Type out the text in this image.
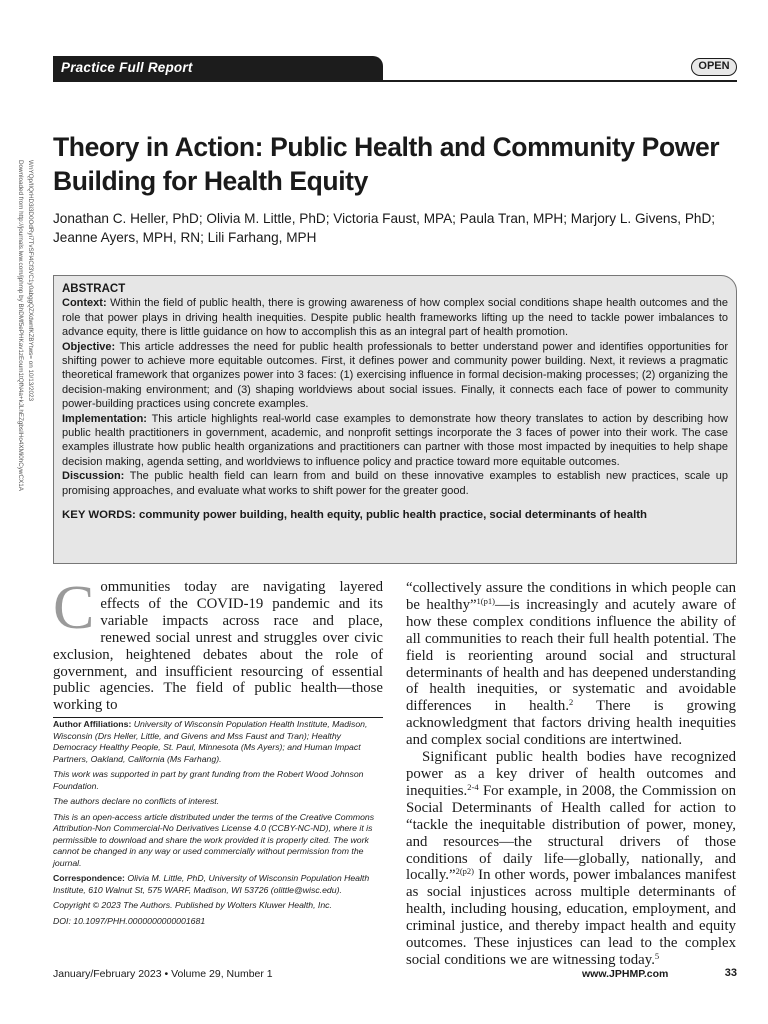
Practice Full Report	OPEN
Downloaded from http://journals.lww.com/jphmp by BhDMf5ePHKav1zEoum1tQfN4a+kJLhEZgbsIHo4XMi0hCywCX1A WnYQp/IlQrHD3i3D0OdRyi7TvSFl4Cf3VC1y0abggQZXdwnfKZBYtws= on 10/13/2023
Theory in Action: Public Health and Community Power Building for Health Equity
Jonathan C. Heller, PhD; Olivia M. Little, PhD; Victoria Faust, MPA; Paula Tran, MPH; Marjory L. Givens, PhD; Jeanne Ayers, MPH, RN; Lili Farhang, MPH
ABSTRACT
Context: Within the field of public health, there is growing awareness of how complex social conditions shape health outcomes and the role that power plays in driving health inequities. Despite public health frameworks lifting up the need to tackle power imbalances to advance equity, there is little guidance on how to accomplish this as an integral part of health promotion.
Objective: This article addresses the need for public health professionals to better understand power and identifies opportunities for shifting power to achieve more equitable outcomes. First, it defines power and community power building. Next, it reviews a pragmatic theoretical framework that organizes power into 3 faces: (1) exercising influence in formal decision-making processes; (2) organizing the decision-making environment; and (3) shaping worldviews about social issues. Finally, it connects each face of power to community power-building practices using concrete examples.
Implementation: This article highlights real-world case examples to demonstrate how theory translates to action by describing how public health practitioners in government, academic, and nonprofit settings incorporate the 3 faces of power into their work. The case examples illustrate how public health organizations and practitioners can partner with those most impacted by inequities to help shape decision making, agenda setting, and worldviews to influence policy and practice toward more equitable outcomes.
Discussion: The public health field can learn from and build on these innovative examples to establish new practices, scale up promising approaches, and evaluate what works to shift power for the greater good.
KEY WORDS: community power building, health equity, public health practice, social determinants of health

Communities today are navigating layered effects of the COVID-19 pandemic and its variable impacts across race and place, renewed social unrest and struggles over civic exclusion, heightened debates about the role of government, and insufficient resourcing of essential public agencies. The field of public health—those working to

Author Affiliations: University of Wisconsin Population Health Institute, Madison, Wisconsin (Drs Heller, Little, and Givens and Mss Faust and Tran); Healthy Democracy Healthy People, St. Paul, Minnesota (Ms Ayers); and Human Impact Partners, Oakland, California (Ms Farhang).

This work was supported in part by grant funding from the Robert Wood Johnson Foundation.

The authors declare no conflicts of interest.

This is an open-access article distributed under the terms of the Creative Commons Attribution-Non Commercial-No Derivatives License 4.0 (CCBY-NC-ND), where it is permissible to download and share the work provided it is properly cited. The work cannot be changed in any way or used commercially without permission from the journal.

Correspondence: Olivia M. Little, PhD, University of Wisconsin Population Health Institute, 610 Walnut St, 575 WARF, Madison, WI 53726 (olittle@wisc.edu).

Copyright © 2023 The Authors. Published by Wolters Kluwer Health, Inc.

DOI: 10.1097/PHH.0000000000001681

“collectively assure the conditions in which people can be healthy”$^{1(p1)}$—is increasingly and acutely aware of how these complex conditions influence the ability of all communities to reach their full health potential. The field is reorienting around social and structural determinants of health and has deepened understanding of health inequities, or systematic and avoidable differences in health.$^2$ There is growing acknowledgment that factors driving health inequities and complex social conditions are intertwined.

Significant public health bodies have recognized power as a key driver of health outcomes and inequities.$^{2-4}$ For example, in 2008, the Commission on Social Determinants of Health called for action to “tackle the inequitable distribution of power, money, and resources—the structural drivers of those conditions of daily life—globally, nationally, and locally.”$^{2(p2)}$ In other words, power imbalances manifest as social injustices across multiple determinants of health, including housing, education, employment, and criminal justice, and thereby impact health and equity outcomes. These injustices can lead to the complex social conditions we are witnessing today.$^5$

January/February 2023 • Volume 29, Number 1	www.JPHMP.com	33
